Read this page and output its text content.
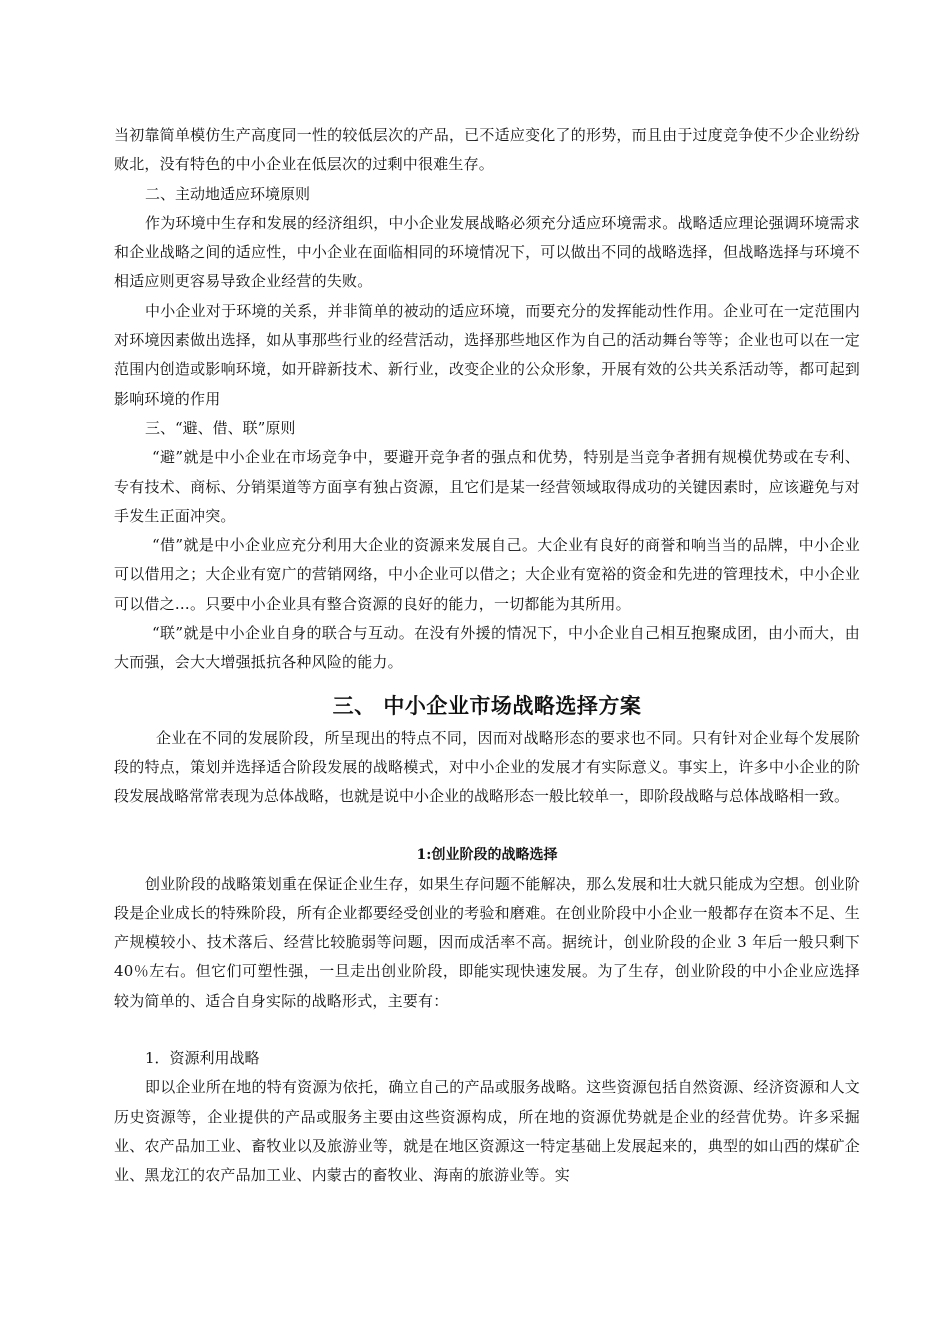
当初靠简单模仿生产高度同一性的较低层次的产品，已不适应变化了的形势，而且由于过度竞争使不少企业纷纷败北，没有特色的中小企业在低层次的过剩中很难生存。

二、主动地适应环境原则

作为环境中生存和发展的经济组织，中小企业发展战略必须充分适应环境需求。战略适应理论强调环境需求和企业战略之间的适应性，中小企业在面临相同的环境情况下，可以做出不同的战略选择，但战略选择与环境不相适应则更容易导致企业经营的失败。

中小企业对于环境的关系，并非简单的被动的适应环境，而要充分的发挥能动性作用。企业可在一定范围内对环境因素做出选择，如从事那些行业的经营活动，选择那些地区作为自己的活动舞台等等；企业也可以在一定范围内创造或影响环境，如开辟新技术、新行业，改变企业的公众形象，开展有效的公共关系活动等，都可起到影响环境的作用

三、“避、借、联”原则

“避”就是中小企业在市场竞争中，要避开竞争者的强点和优势，特别是当竞争者拥有规模优势或在专利、专有技术、商标、分销渠道等方面享有独占资源，且它们是某一经营领域取得成功的关键因素时，应该避免与对手发生正面冲突。

“借”就是中小企业应充分利用大企业的资源来发展自己。大企业有良好的商誉和响当当的品牌，中小企业可以借用之；大企业有宽广的营销网络，中小企业可以借之；大企业有宽裕的资金和先进的管理技术，中小企业可以借之…。只要中小企业具有整合资源的良好的能力，一切都能为其所用。

“联”就是中小企业自身的联合与互动。在没有外援的情况下，中小企业自己相互抱聚成团，由小而大，由大而强，会大大增强抵抗各种风险的能力。

三、 中小企业市场战略选择方案

企业在不同的发展阶段，所呈现出的特点不同，因而对战略形态的要求也不同。只有针对企业每个发展阶段的特点，策划并选择适合阶段发展的战略模式，对中小企业的发展才有实际意义。事实上，许多中小企业的阶段发展战略常常表现为总体战略，也就是说中小企业的战略形态一般比较单一，即阶段战略与总体战略相一致。

1:创业阶段的战略选择

创业阶段的战略策划重在保证企业生存，如果生存问题不能解决，那么发展和壮大就只能成为空想。创业阶段是企业成长的特殊阶段，所有企业都要经受创业的考验和磨难。在创业阶段中小企业一般都存在资本不足、生产规模较小、技术落后、经营比较脆弱等问题，因而成活率不高。据统计，创业阶段的企业 3 年后一般只剩下 40％左右。但它们可塑性强，一旦走出创业阶段，即能实现快速发展。为了生存，创业阶段的中小企业应选择较为简单的、适合自身实际的战略形式，主要有：

1．资源利用战略

即以企业所在地的特有资源为依托，确立自己的产品或服务战略。这些资源包括自然资源、经济资源和人文历史资源等，企业提供的产品或服务主要由这些资源构成，所在地的资源优势就是企业的经营优势。许多采掘业、农产品加工业、畜牧业以及旅游业等，就是在地区资源这一特定基础上发展起来的，典型的如山西的煤矿企业、黑龙江的农产品加工业、内蒙古的畜牧业、海南的旅游业等。实
